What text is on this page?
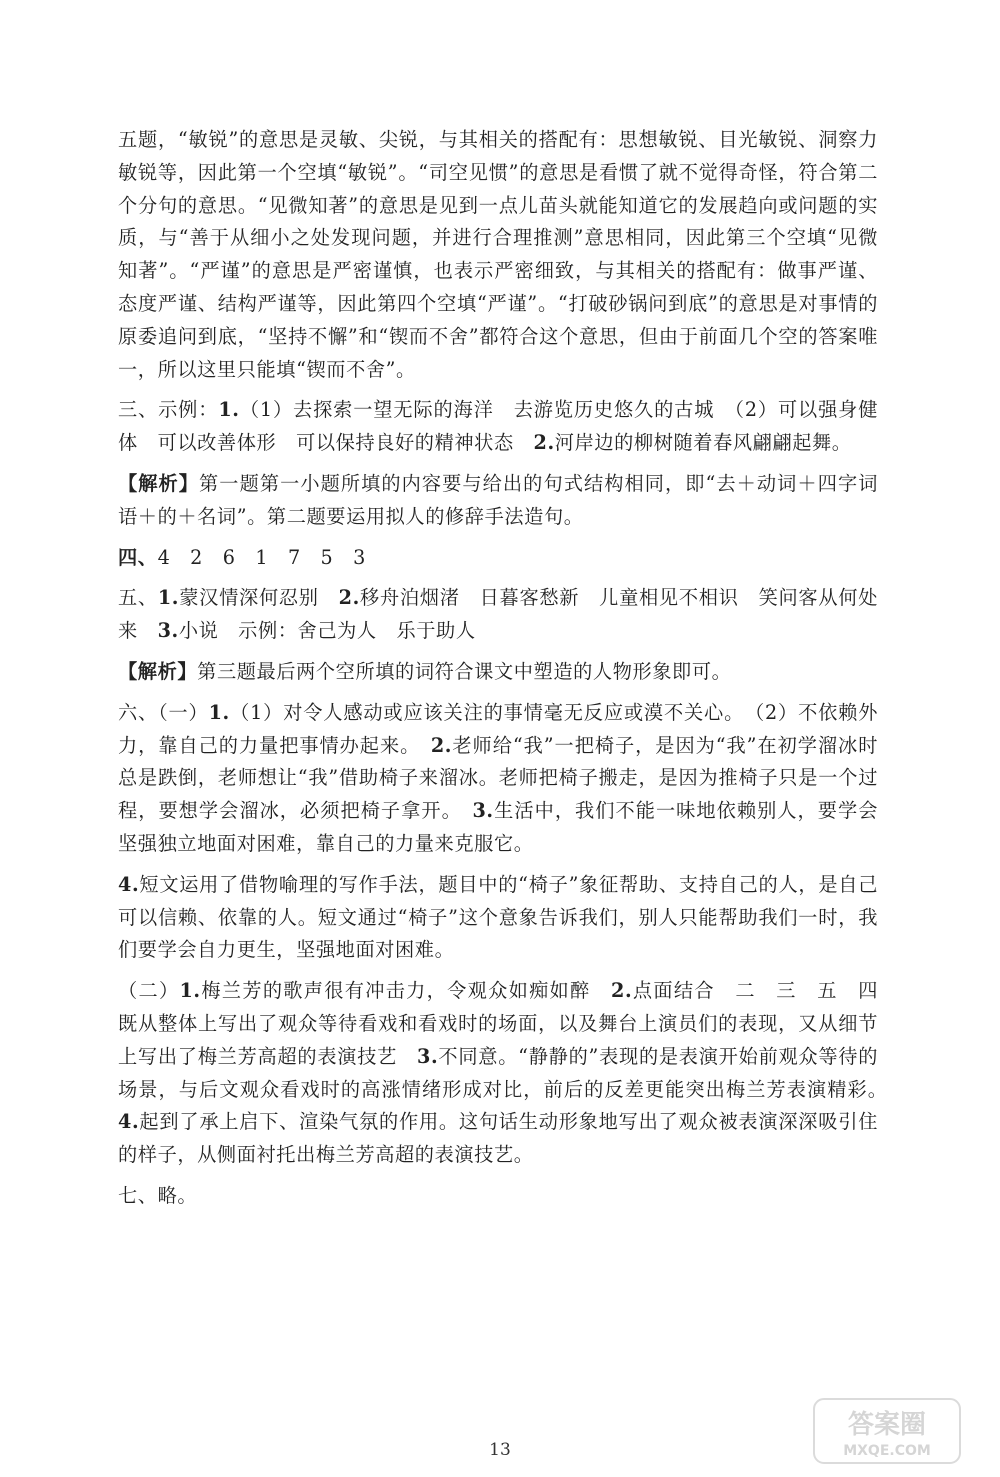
五题，“敏锐”的意思是灵敏、尖锐，与其相关的搭配有：思想敏锐、目光敏锐、洞察力敏锐等，因此第一个空填“敏锐”。“司空见惯”的意思是看惯了就不觉得奇怪，符合第二个分句的意思。“见微知著”的意思是见到一点儿苗头就能知道它的发展趋向或问题的实质，与“善于从细小之处发现问题，并进行合理推测”意思相同，因此第三个空填“见微知著”。“严谨”的意思是严密谨慎，也表示严密细致，与其相关的搭配有：做事严谨、态度严谨、结构严谨等，因此第四个空填“严谨”。“打破砂锅问到底”的意思是对事情的原委追问到底，“坚持不懈”和“锲而不舍”都符合这个意思，但由于前面几个空的答案唯一，所以这里只能填“锲而不舍”。

三、示例：1.（1）去探索一望无际的海洋　去游览历史悠久的古城　（2）可以强身健体　可以改善体形　可以保持良好的精神状态　2.河岸边的柳树随着春风翩翩起舞。

【解析】第一题第一小题所填的内容要与给出的句式结构相同，即“去＋动词＋四字词语＋的＋名词”。第二题要运用拟人的修辞手法造句。

四、4　2　6　1　7　5　3

五、1.蒙汉情深何忍别　2.移舟泊烟渚　日暮客愁新　儿童相见不相识　笑问客从何处来　3.小说　示例：舍己为人　乐于助人

【解析】第三题最后两个空所填的词符合课文中塑造的人物形象即可。

六、（一）1.（1）对令人感动或应该关注的事情毫无反应或漠不关心。　（2）不依赖外力，靠自己的力量把事情办起来。　2.老师给“我”一把椅子，是因为“我”在初学溜冰时总是跌倒，老师想让“我”借助椅子来溜冰。老师把椅子搬走，是因为推椅子只是一个过程，要想学会溜冰，必须把椅子拿开。　3.生活中，我们不能一味地依赖别人，要学会坚强独立地面对困难，靠自己的力量来克服它。

4.短文运用了借物喻理的写作手法，题目中的“椅子”象征帮助、支持自己的人，是自己可以信赖、依靠的人。短文通过“椅子”这个意象告诉我们，别人只能帮助我们一时，我们要学会自力更生，坚强地面对困难。

（二）1.梅兰芳的歌声很有冲击力，令观众如痴如醉　2.点面结合　二　三　五　四　既从整体上写出了观众等待看戏和看戏时的场面，以及舞台上演员们的表现，又从细节上写出了梅兰芳高超的表演技艺　3.不同意。“静静的”表现的是表演开始前观众等待的场景，与后文观众看戏时的高涨情绪形成对比，前后的反差更能突出梅兰芳表演精彩。　4.起到了承上启下、渲染气氛的作用。这句话生动形象地写出了观众被表演深深吸引住的样子，从侧面衬托出梅兰芳高超的表演技艺。

七、略。

13
答案圈
MXQE.COM
